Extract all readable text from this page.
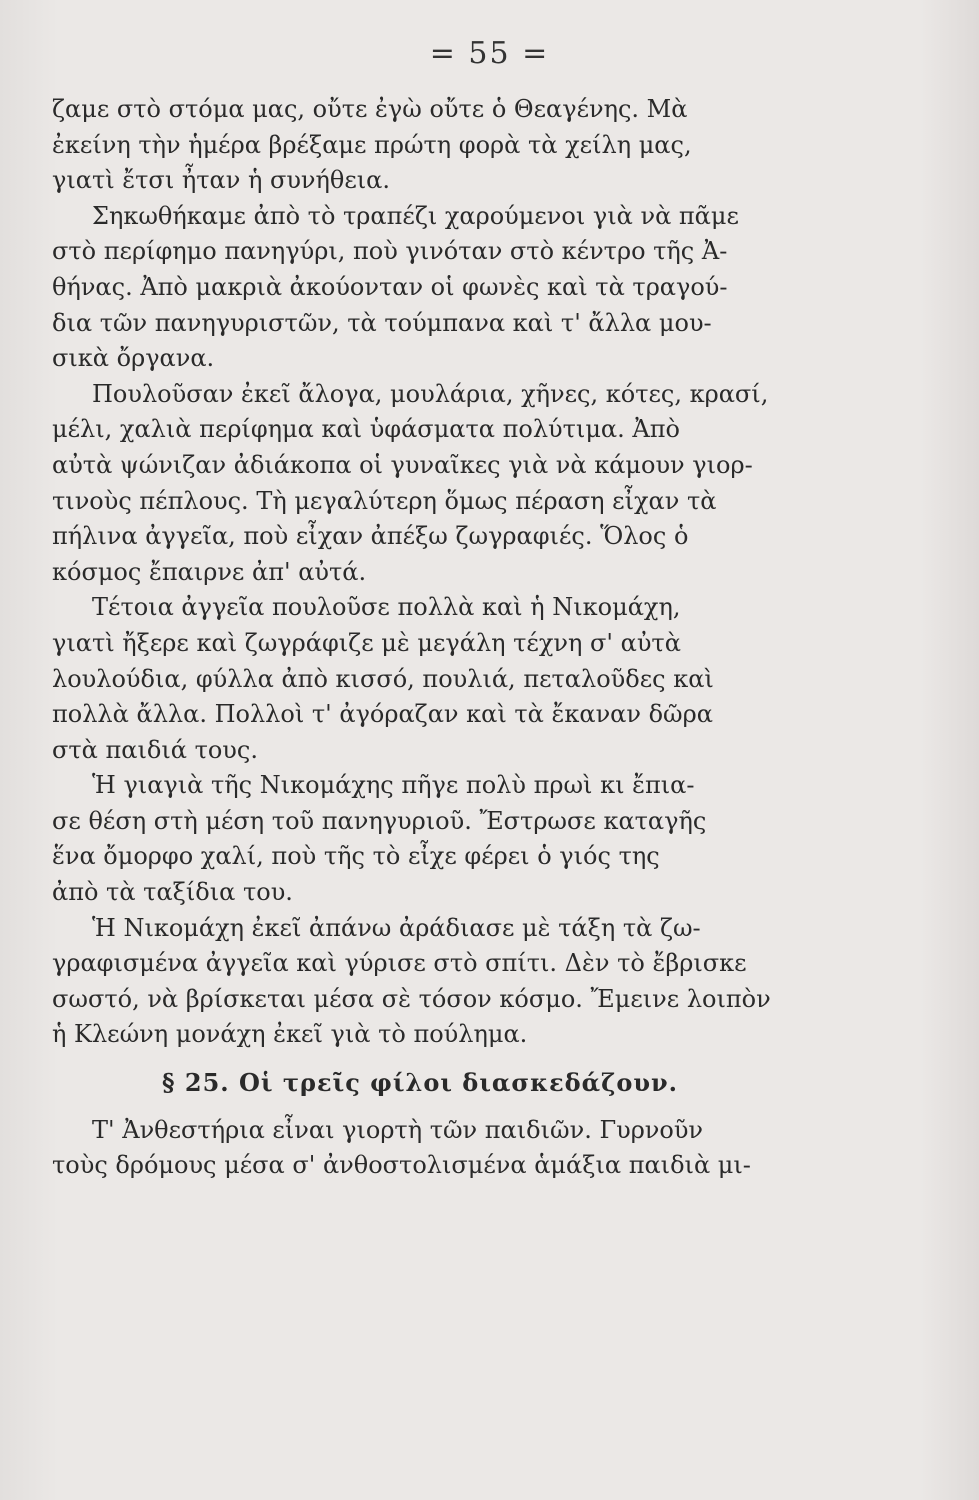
= 55 =
ζαμε στὸ στόμα μας, οὔτε ἐγὼ οὔτε ὁ Θεαγένης. Μὰ
ἐκείνη τὴν ἡμέρα βρέξαμε πρώτη φορὰ τὰ χείλη μας,
γιατὶ ἔτσι ἦταν ἡ συνήθεια.
Σηκωθήκαμε ἀπὸ τὸ τραπέζι χαρούμενοι γιὰ νὰ πᾶμε
στὸ περίφημο πανηγύρι, ποὺ γινόταν στὸ κέντρο τῆς Ἀ-
θήνας. Ἀπὸ μακριὰ ἀκούονταν οἱ φωνὲς καὶ τὰ τραγού-
δια τῶν πανηγυριστῶν, τὰ τούμπανα καὶ τ' ἄλλα μου-
σικὰ ὄργανα.
Πουλοῦσαν ἐκεῖ ἄλογα, μουλάρια, χῆνες, κότες, κρασί,
μέλι, χαλιὰ περίφημα καὶ ὑφάσματα πολύτιμα. Ἀπὸ
αὐτὰ ψώνιζαν ἀδιάκοπα οἱ γυναῖκες γιὰ νὰ κάμουν γιορ-
τινοὺς πέπλους. Τὴ μεγαλύτερη ὅμως πέραση εἶχαν τὰ
πήλινα ἀγγεῖα, ποὺ εἶχαν ἀπέξω ζωγραφιές. Ὅλος ὁ
κόσμος ἔπαιρνε ἀπ' αὐτά.
Τέτοια ἀγγεῖα πουλοῦσε πολλὰ καὶ ἡ Νικομάχη,
γιατὶ ἤξερε καὶ ζωγράφιζε μὲ μεγάλη τέχνη σ' αὐτὰ
λουλούδια, φύλλα ἀπὸ κισσό, πουλιά, πεταλοῦδες καὶ
πολλὰ ἄλλα. Πολλοὶ τ' ἀγόραζαν καὶ τὰ ἔκαναν δῶρα
στὰ παιδιά τους.
Ἡ γιαγιὰ τῆς Νικομάχης πῆγε πολὺ πρωὶ κι ἔπια-
σε θέση στὴ μέση τοῦ πανηγυριοῦ. Ἔστρωσε καταγῆς
ἕνα ὄμορφο χαλί, ποὺ τῆς τὸ εἶχε φέρει ὁ γιός της
ἀπὸ τὰ ταξίδια του.
Ἡ Νικομάχη ἐκεῖ ἀπάνω ἀράδιασε μὲ τάξη τὰ ζω-
γραφισμένα ἀγγεῖα καὶ γύρισε στὸ σπίτι. Δὲν τὸ ἔβρισκε
σωστό, νὰ βρίσκεται μέσα σὲ τόσον κόσμο. Ἔμεινε λοιπὸν
ἡ Κλεώνη μονάχη ἐκεῖ γιὰ τὸ πούλημα.
§ 25. Οἱ τρεῖς φίλοι διασκεδάζουν.
Τ' Ἀνθεστήρια εἶναι γιορτὴ τῶν παιδιῶν. Γυρνοῦν
τοὺς δρόμους μέσα σ' ἀνθοστολισμένα ἁμάξια παιδιὰ μι-
